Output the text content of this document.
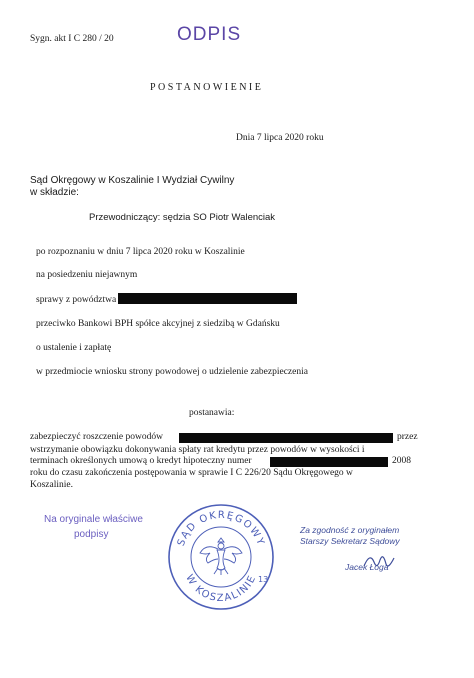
Sygn. akt I C 280 / 20	ODPIS
POSTANOWIENIE
Dnia 7 lipca 2020 roku
Sąd Okręgowy w Koszalinie I Wydział Cywilny
w składzie:
Przewodniczący: sędzia SO Piotr Walenciak
po rozpoznaniu w dniu 7 lipca 2020 roku w Koszalinie
na posiedzeniu niejawnym
sprawy z powództwa
przeciwko Bankowi BPH spółce akcyjnej z siedzibą w Gdańsku
o ustalenie i zapłatę
w przedmiocie wniosku strony powodowej o udzielenie zabezpieczenia
postanawia:
zabezpieczyć roszczenie powodów	przez
wstrzymanie obowiązku dokonywania spłaty rat kredytu przez powodów w wysokości i
terminach określonych umową o kredyt hipoteczny numer	2008
roku do czasu zakończenia postępowania w sprawie I C 226/20 Sądu Okręgowego w
Koszalinie.
Na oryginale właściwe
podpisy
SĄD OKRĘGOWY
W KOSZALINIE 13
Za zgodność z oryginałem
Starszy Sekretarz Sądowy
Jacek Łoga
